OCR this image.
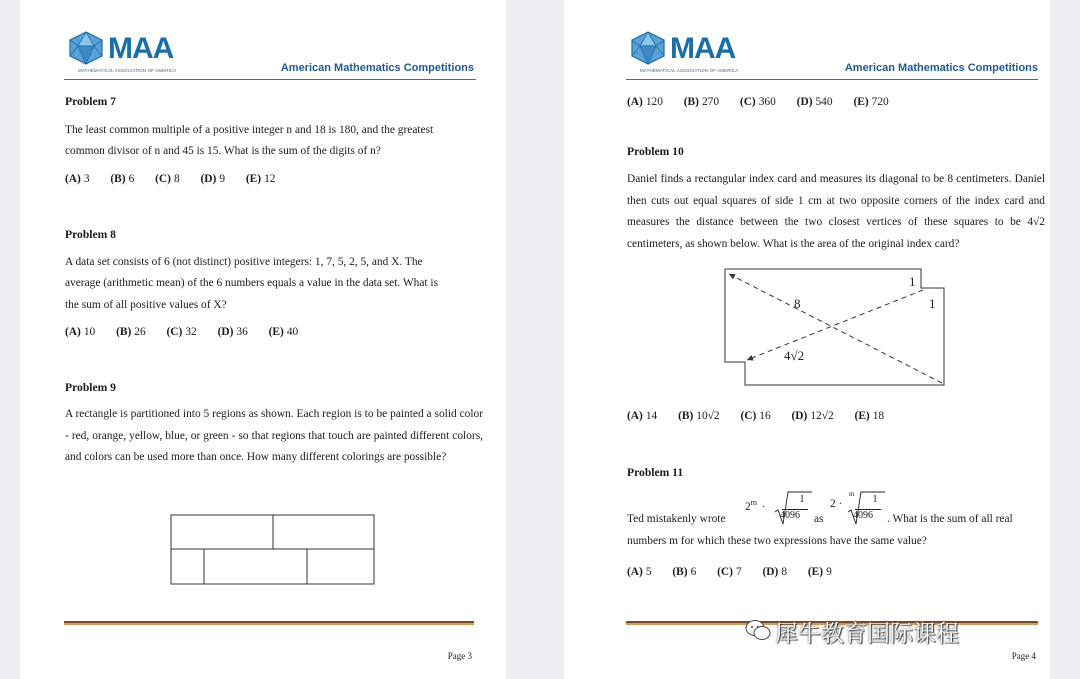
MAA
MATHEMATICAL ASSOCIATION OF AMERICA	American Mathematics Competitions
Problem 7
The least common multiple of a positive integer n and 18 is 180, and the greatest
common divisor of n and 45 is 15. What is the sum of the digits of n?
(A) 3 (B) 6 (C) 8 (D) 9 (E) 12
Problem 8
A data set consists of 6 (not distinct) positive integers: 1, 7, 5, 2, 5, and X. The
average (arithmetic mean) of the 6 numbers equals a value in the data set. What is
the sum of all positive values of X?
(A) 10 (B) 26 (C) 32 (D) 36 (E) 40
Problem 9
A rectangle is partitioned into 5 regions as shown. Each region is to be painted a solid color - red, orange, yellow, blue, or green - so that regions that touch are painted different colors, and colors can be used more than once. How many different colorings are possible?
Page 3
MAA
MATHEMATICAL ASSOCIATION OF AMERICA	American Mathematics Competitions
(A) 120 (B) 270 (C) 360 (D) 540 (E) 720
Problem 10
Daniel finds a rectangular index card and measures its diagonal to be 8 centimeters. Daniel then cuts out equal squares of side 1 cm at two opposite corners of the index card and measures the distance between the two closest vertices of these squares to be 4√2 centimeters, as shown below. What is the area of the original index card?
8
1
1
4√2
(A) 14 (B) 10√2 (C) 16 (D) 12√2 (E) 18
Problem 11
Ted mistakenly wrote
$2^m$ ·
1
4096 as
2 ·
m	1
4096 . What is the sum of all real
numbers m for which these two expressions have the same value?
(A) 5 (B) 6 (C) 7 (D) 8 (E) 9
Page 4
犀牛教育国际课程
